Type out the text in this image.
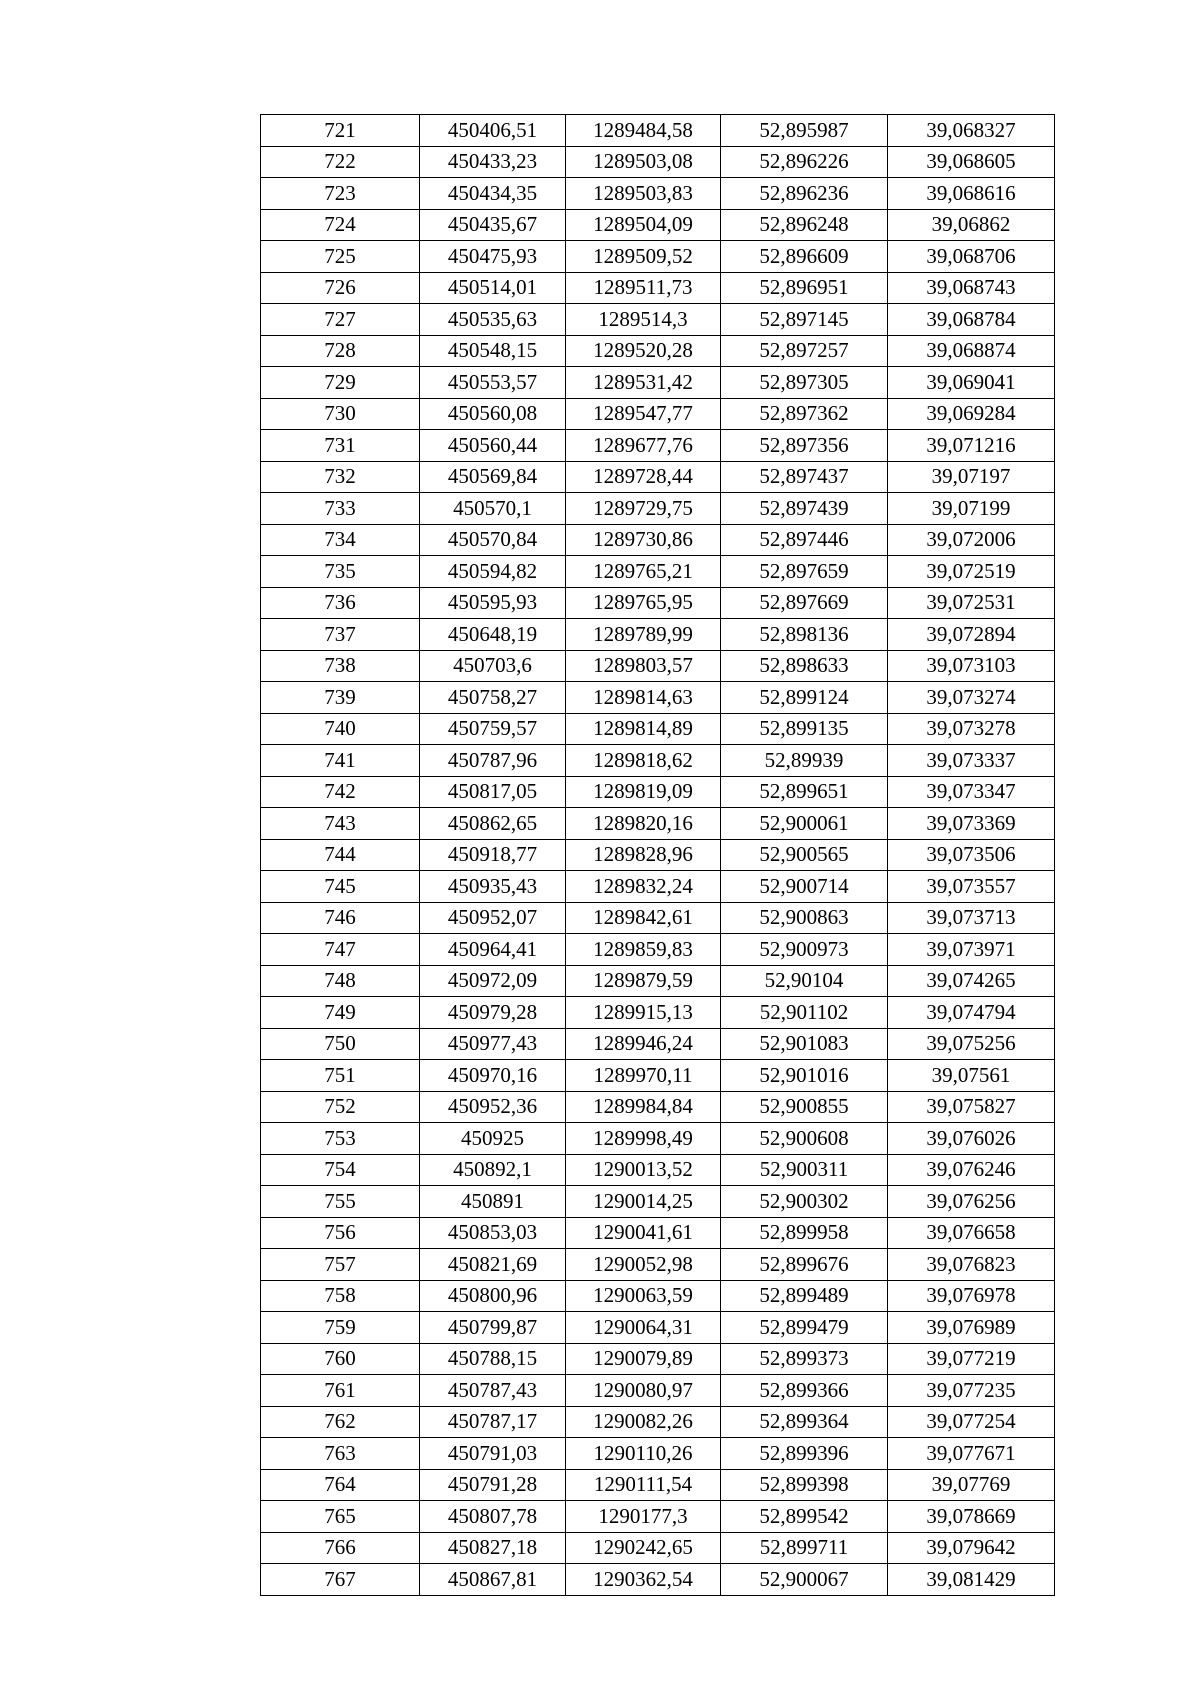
721	450406,51	1289484,58	52,895987	39,068327
722	450433,23	1289503,08	52,896226	39,068605
723	450434,35	1289503,83	52,896236	39,068616
724	450435,67	1289504,09	52,896248	39,06862
725	450475,93	1289509,52	52,896609	39,068706
726	450514,01	1289511,73	52,896951	39,068743
727	450535,63	1289514,3	52,897145	39,068784
728	450548,15	1289520,28	52,897257	39,068874
729	450553,57	1289531,42	52,897305	39,069041
730	450560,08	1289547,77	52,897362	39,069284
731	450560,44	1289677,76	52,897356	39,071216
732	450569,84	1289728,44	52,897437	39,07197
733	450570,1	1289729,75	52,897439	39,07199
734	450570,84	1289730,86	52,897446	39,072006
735	450594,82	1289765,21	52,897659	39,072519
736	450595,93	1289765,95	52,897669	39,072531
737	450648,19	1289789,99	52,898136	39,072894
738	450703,6	1289803,57	52,898633	39,073103
739	450758,27	1289814,63	52,899124	39,073274
740	450759,57	1289814,89	52,899135	39,073278
741	450787,96	1289818,62	52,89939	39,073337
742	450817,05	1289819,09	52,899651	39,073347
743	450862,65	1289820,16	52,900061	39,073369
744	450918,77	1289828,96	52,900565	39,073506
745	450935,43	1289832,24	52,900714	39,073557
746	450952,07	1289842,61	52,900863	39,073713
747	450964,41	1289859,83	52,900973	39,073971
748	450972,09	1289879,59	52,90104	39,074265
749	450979,28	1289915,13	52,901102	39,074794
750	450977,43	1289946,24	52,901083	39,075256
751	450970,16	1289970,11	52,901016	39,07561
752	450952,36	1289984,84	52,900855	39,075827
753	450925	1289998,49	52,900608	39,076026
754	450892,1	1290013,52	52,900311	39,076246
755	450891	1290014,25	52,900302	39,076256
756	450853,03	1290041,61	52,899958	39,076658
757	450821,69	1290052,98	52,899676	39,076823
758	450800,96	1290063,59	52,899489	39,076978
759	450799,87	1290064,31	52,899479	39,076989
760	450788,15	1290079,89	52,899373	39,077219
761	450787,43	1290080,97	52,899366	39,077235
762	450787,17	1290082,26	52,899364	39,077254
763	450791,03	1290110,26	52,899396	39,077671
764	450791,28	1290111,54	52,899398	39,07769
765	450807,78	1290177,3	52,899542	39,078669
766	450827,18	1290242,65	52,899711	39,079642
767	450867,81	1290362,54	52,900067	39,081429
